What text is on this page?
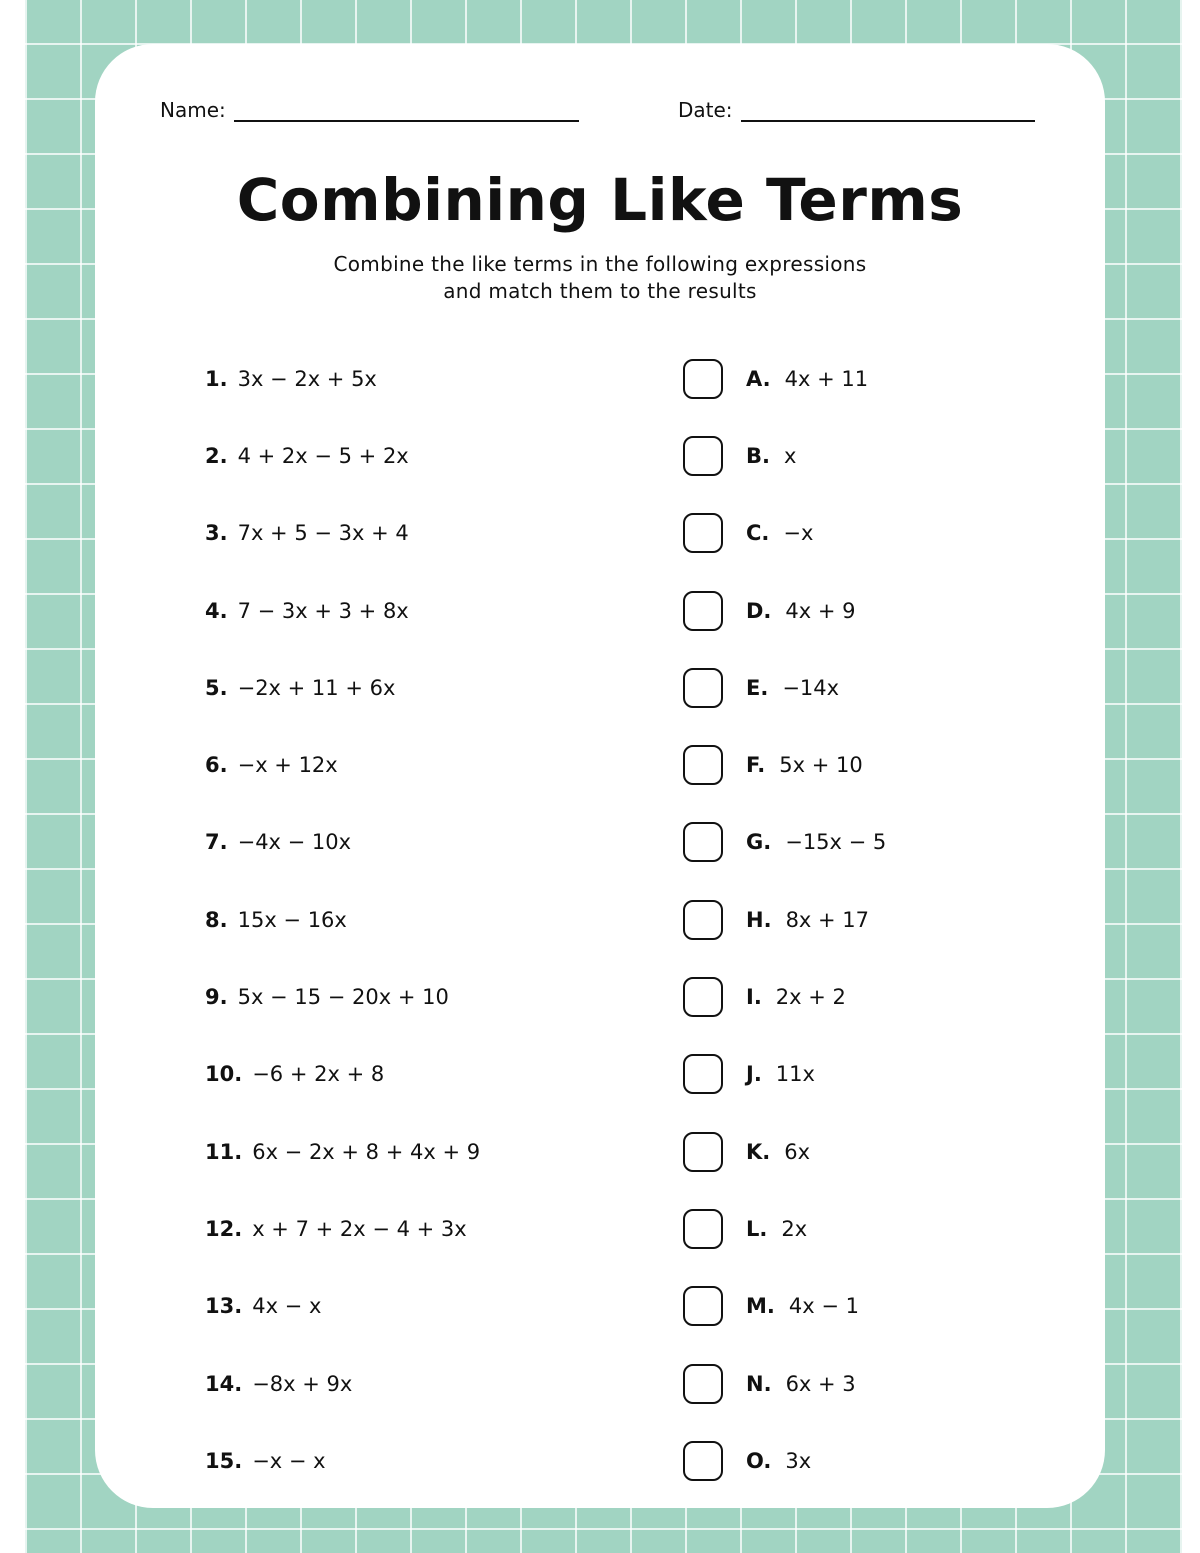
Name:	Date:
Combining Like Terms
Combine the like terms in the following expressions
and match them to the results
1. 3x − 2x + 5x
2. 4 + 2x − 5 + 2x
3. 7x + 5 − 3x + 4
4. 7 − 3x + 3 + 8x
5. −2x + 11 + 6x
6. −x + 12x
7. −4x − 10x
8. 15x − 16x
9. 5x − 15 − 20x + 10
10. −6 + 2x + 8
11. 6x − 2x + 8 + 4x + 9
12. x + 7 + 2x − 4 + 3x
13. 4x − x
14. −8x + 9x
15. −x − x
A. 4x + 11
B. x
C. −x
D. 4x + 9
E. −14x
F. 5x + 10
G. −15x − 5
H. 8x + 17
I. 2x + 2
J. 11x
K. 6x
L. 2x
M. 4x − 1
N. 6x + 3
O. 3x
